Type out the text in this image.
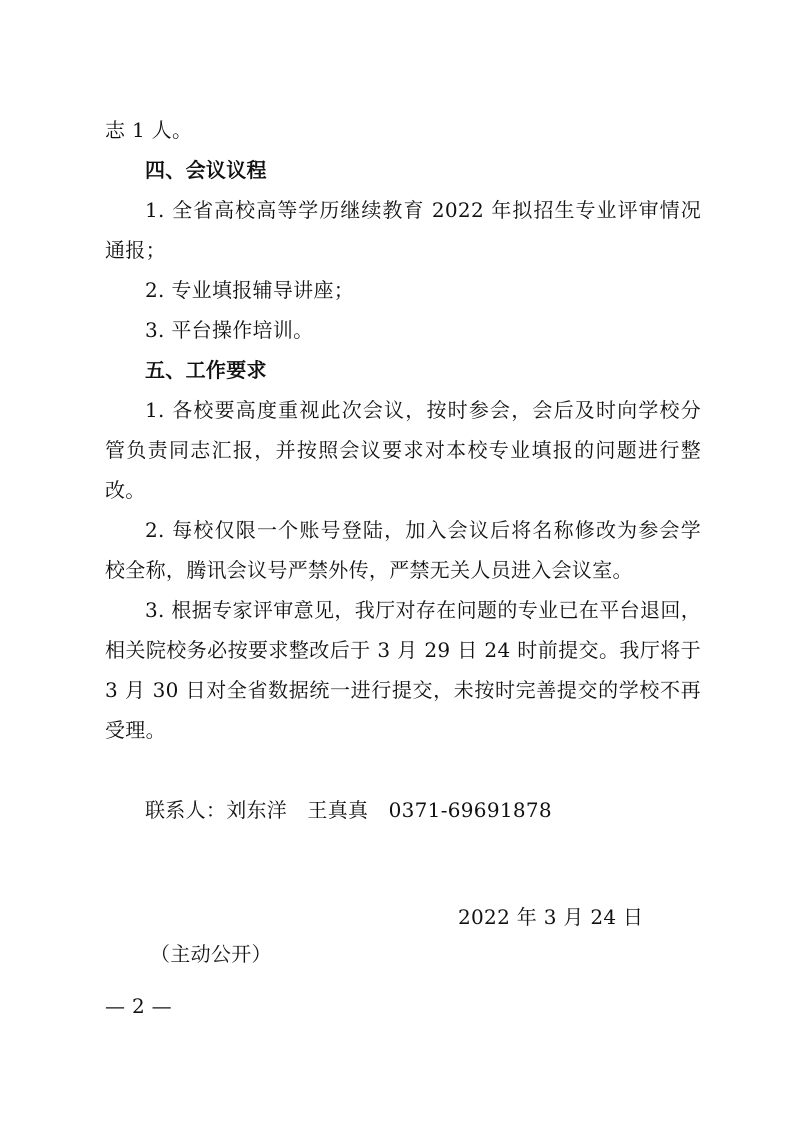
志 1 人。
四、会议议程
1. 全省高校高等学历继续教育 2022 年拟招生专业评审情况
通报；
2. 专业填报辅导讲座；
3. 平台操作培训。
五、工作要求
1. 各校要高度重视此次会议，按时参会，会后及时向学校分
管负责同志汇报，并按照会议要求对本校专业填报的问题进行整
改。
2. 每校仅限一个账号登陆，加入会议后将名称修改为参会学
校全称，腾讯会议号严禁外传，严禁无关人员进入会议室。
3. 根据专家评审意见，我厅对存在问题的专业已在平台退回，
相关院校务必按要求整改后于 3 月 29 日 24 时前提交。我厅将于
3 月 30 日对全省数据统一进行提交，未按时完善提交的学校不再
受理。
联系人：刘东洋　王真真　0371-69691878
2022 年 3 月 24 日
（主动公开）
— 2 —
